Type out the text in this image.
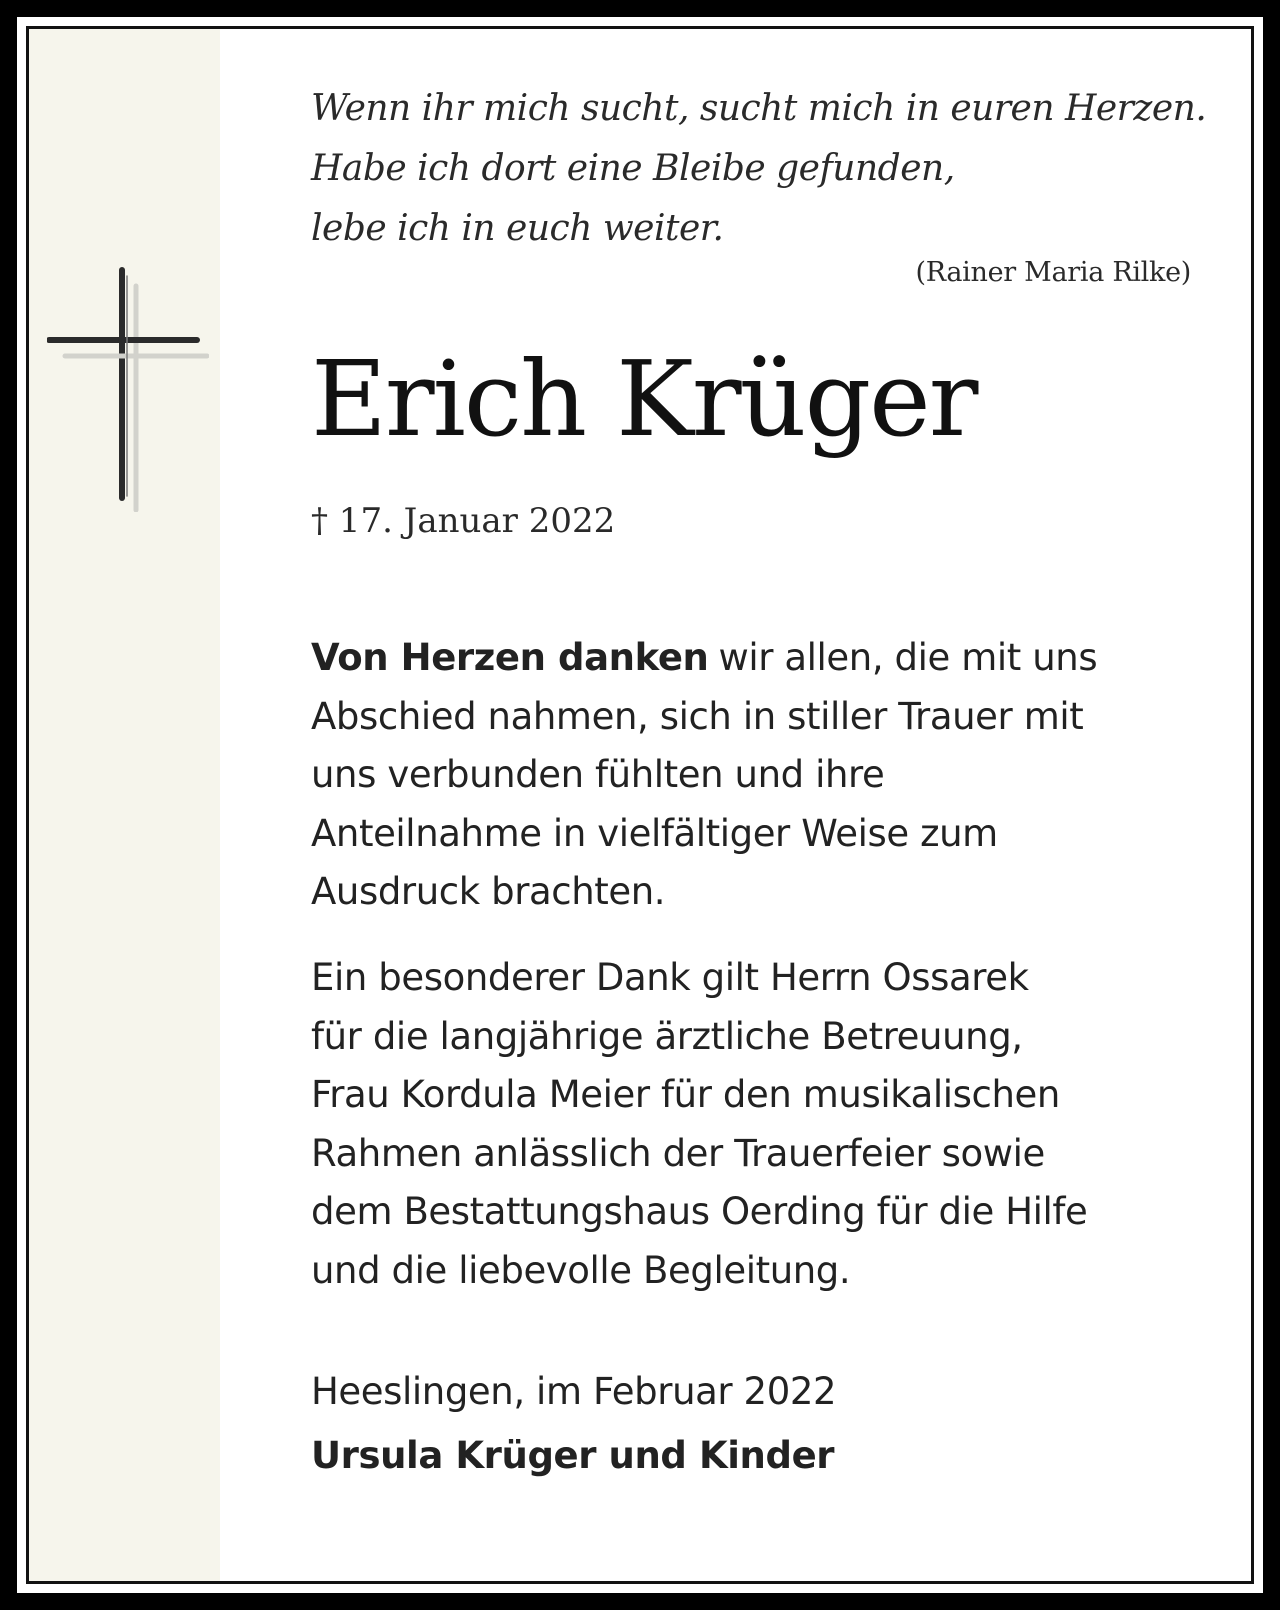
Wenn ihr mich sucht, sucht mich in euren Herzen.
Habe ich dort eine Bleibe gefunden,
lebe ich in euch weiter.
(Rainer Maria Rilke)
Erich Krüger
† 17. Januar 2022
Von Herzen danken wir allen, die mit uns
Abschied nahmen, sich in stiller Trauer mit
uns verbunden fühlten und ihre
Anteilnahme in vielfältiger Weise zum
Ausdruck brachten.
Ein besonderer Dank gilt Herrn Ossarek
für die langjährige ärztliche Betreuung,
Frau Kordula Meier für den musikalischen
Rahmen anlässlich der Trauerfeier sowie
dem Bestattungshaus Oerding für die Hilfe
und die liebevolle Begleitung.
Heeslingen, im Februar 2022
Ursula Krüger und Kinder
